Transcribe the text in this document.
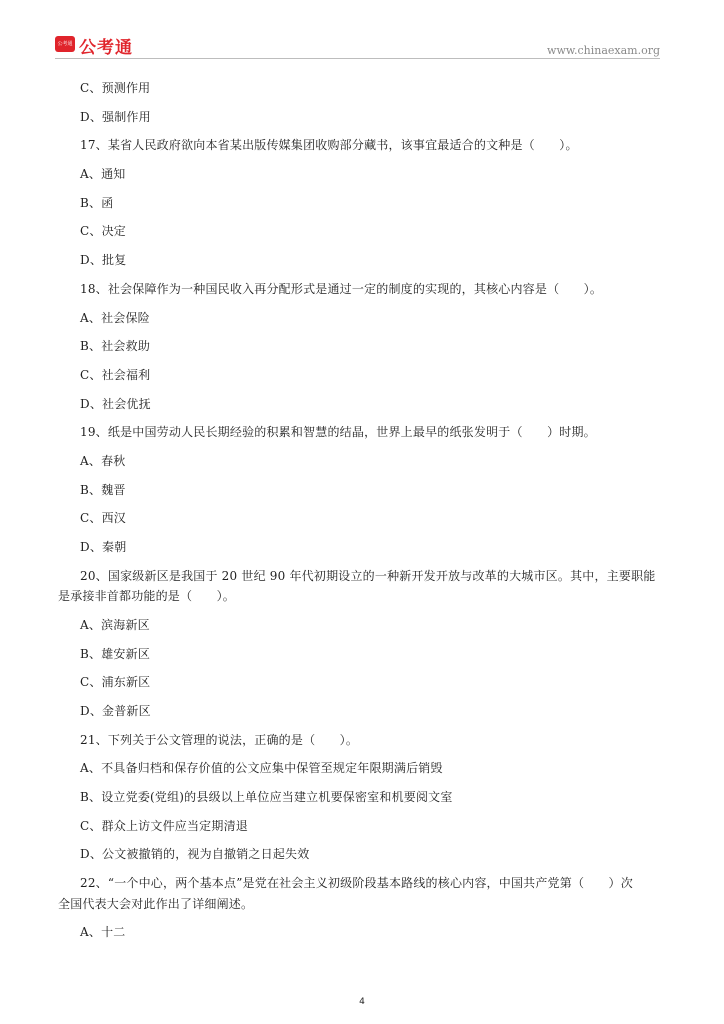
公考通 公考通	www.chinaexam.org
C、预测作用
D、强制作用
17、某省人民政府欲向本省某出版传媒集团收购部分藏书，该事宜最适合的文种是（　　）。
A、通知
B、函
C、决定
D、批复
18、社会保障作为一种国民收入再分配形式是通过一定的制度的实现的，其核心内容是（　　）。
A、社会保险
B、社会救助
C、社会福利
D、社会优抚
19、纸是中国劳动人民长期经验的积累和智慧的结晶，世界上最早的纸张发明于（　　）时期。
A、春秋
B、魏晋
C、西汉
D、秦朝
20、国家级新区是我国于 20 世纪 90 年代初期设立的一种新开发开放与改革的大城市区。其中，主要职能
是承接非首都功能的是（　　）。
A、滨海新区
B、雄安新区
C、浦东新区
D、金普新区
21、下列关于公文管理的说法，正确的是（　　）。
A、不具备归档和保存价值的公文应集中保管至规定年限期满后销毁
B、设立党委(党组)的县级以上单位应当建立机要保密室和机要阅文室
C、群众上访文件应当定期清退
D、公文被撤销的，视为自撤销之日起失效
22、“一个中心，两个基本点”是党在社会主义初级阶段基本路线的核心内容，中国共产党第（　　）次
全国代表大会对此作出了详细阐述。
A、十二
4
